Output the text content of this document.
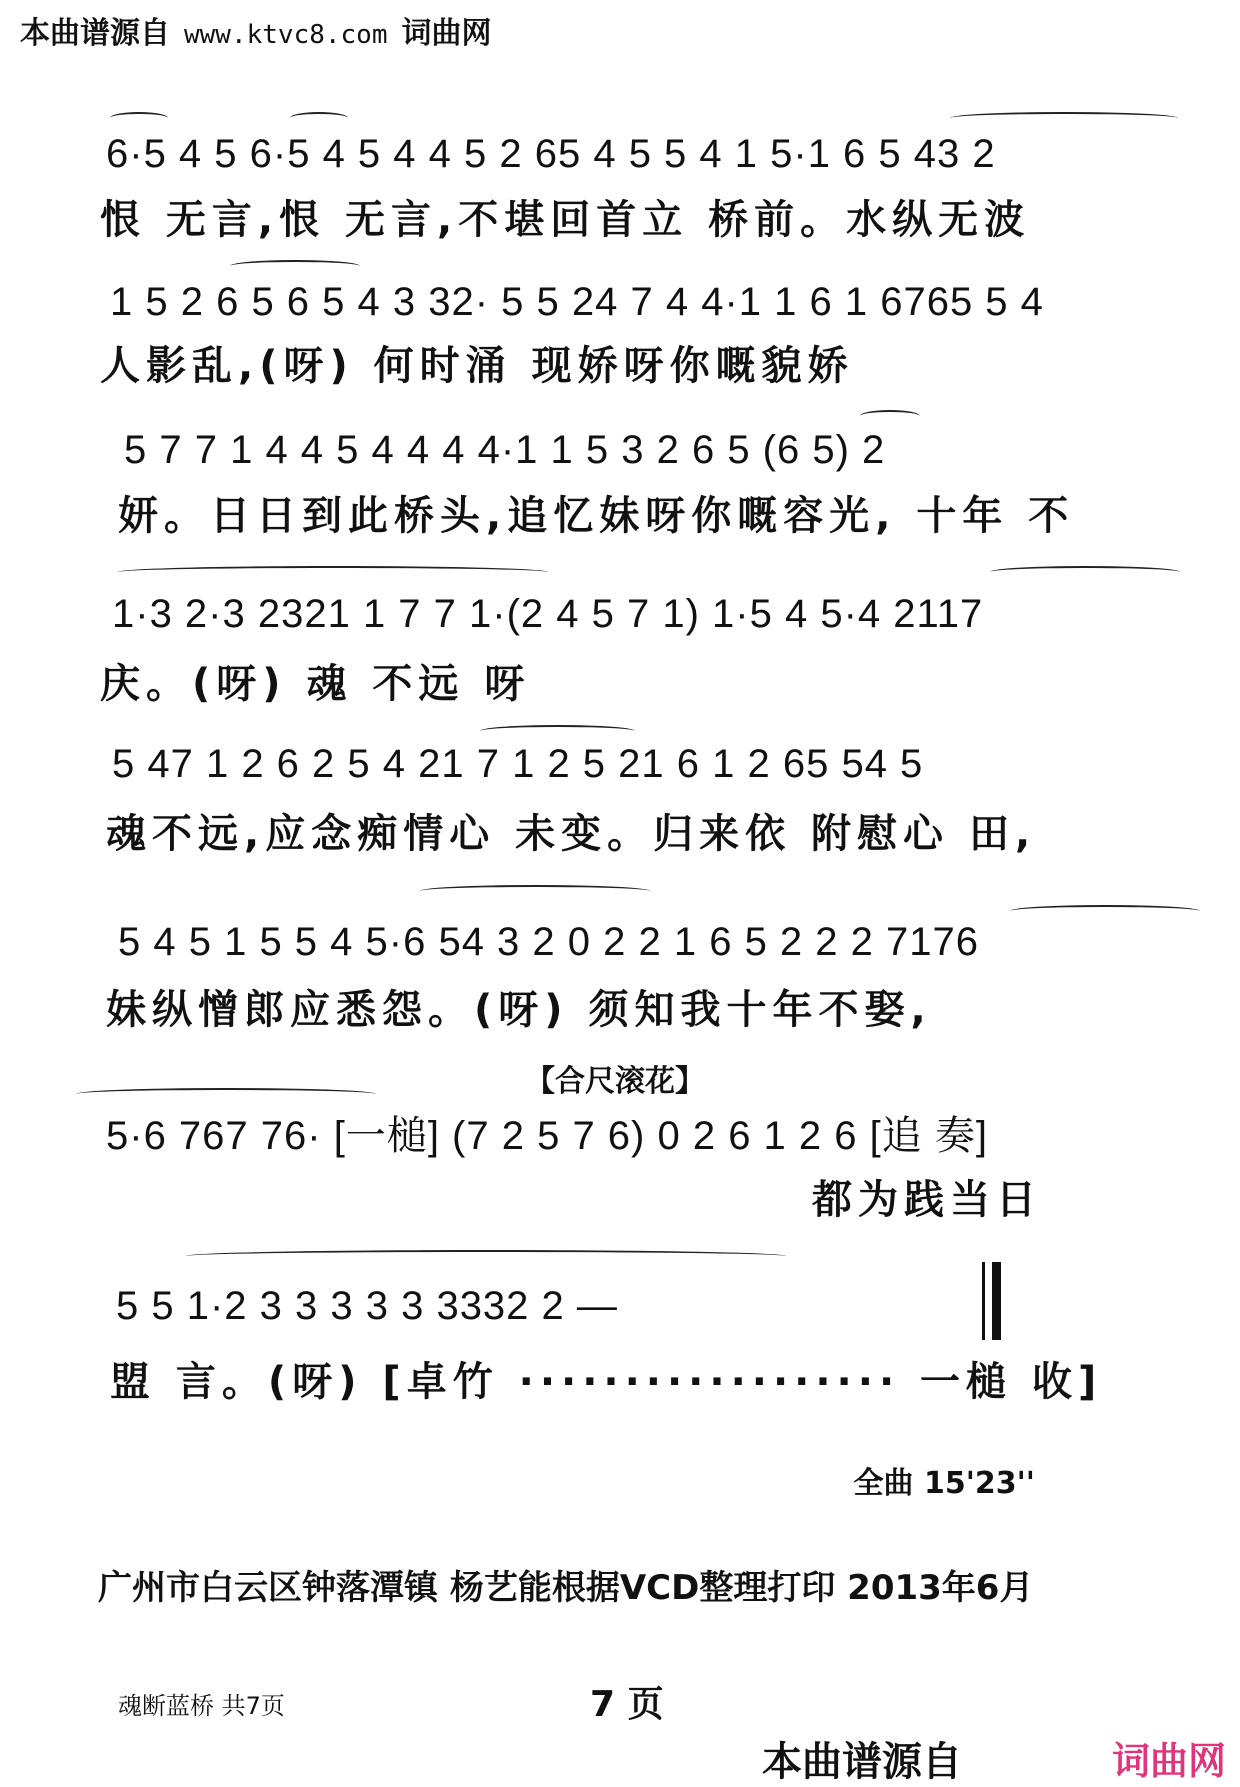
本曲谱源自 www.ktvc8.com 词曲网
6·5 4 5 6·5 4 5 4 4 5 2 65 4 5 5 4 1 5·1 6 5 43 2
恨 无言,恨 无言,不堪回首立 桥前。水纵无波
1 5 2 6 5 6 5 4 3 32· 5 5 24 7 4 4·1 1 6 1 6765 5 4
人影乱,(呀) 何时涌 现娇呀你嘅貌娇
5 7 7 1 4 4 5 4 4 4 4·1 1 5 3 2 6 5 (6 5) 2
妍。日日到此桥头,追忆妹呀你嘅容光, 十年 不
1·3 2·3 2321 1 7 7 1·(2 4 5 7 1) 1·5 4 5·4 2117
庆。(呀) 魂 不远 呀
5 47 1 2 6 2 5 4 21 7 1 2 5 21 6 1 2 65 54 5
魂不远,应念痴情心 未变。归来依 附慰心 田,
5 4 5 1 5 5 4 5·6 54 3 2 0 2 2 1 6 5 2 2 2 7176
妹纵憎郎应悉怨。(呀) 须知我十年不娶,
【合尺滚花】
5·6 767 76· [一槌] (7 2 5 7 6) 0 2 6 1 2 6 [追 奏]
都为践当日
5 5 1·2 3 3 3 3 3 3332 2 —
盟 言。(呀) [卓竹 ·················· 一槌 收]
全曲 15'23''
广州市白云区钟落潭镇 杨艺能根据VCD整理打印 2013年6月
魂断蓝桥 共7页	7 页
本曲谱源自	词曲网
